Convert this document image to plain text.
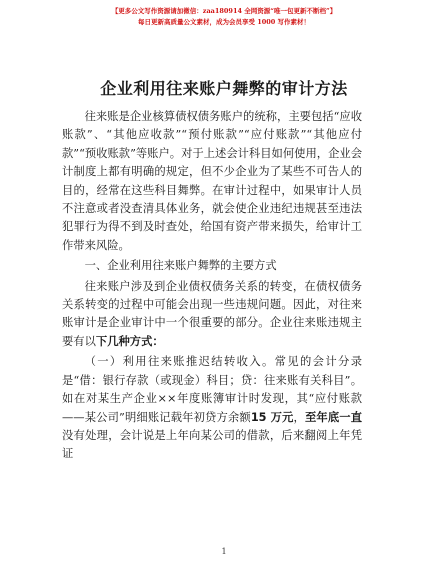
【更多公文写作资源请加微信：zaa180914 全网资源“唯一包更新不断档”】
每日更新高质量公文素材，成为会员享受 1000 写作素材！
企业利用往来账户舞弊的审计方法

往来账是企业核算债权债务账户的统称，主要包括“应收账款”、“其他应收款”“预付账款”“应付账款”“其他应付款”“预收账款”等账户。对于上述会计科目如何使用，企业会计制度上都有明确的规定，但不少企业为了某些不可告人的目的，经常在这些科目舞弊。在审计过程中，如果审计人员不注意或者没查清具体业务，就会使企业违纪违规甚至违法犯罪行为得不到及时查处，给国有资产带来损失，给审计工作带来风险。

一、企业利用往来账户舞弊的主要方式

往来账户涉及到企业债权债务关系的转变，在债权债务关系转变的过程中可能会出现一些违规问题。因此，对往来账审计是企业审计中一个很重要的部分。企业往来账违规主要有以下几种方式：

（一）利用往来账推迟结转收入。常见的会计分录是“借：银行存款（或现金）科目；贷：往来账有关科目”。如在对某生产企业××年度账簿审计时发现，其“应付账款——某公司”明细账记载年初贷方余额15 万元，至年底一直没有处理，会计说是上年向某公司的借款，后来翻阅上年凭证

1
